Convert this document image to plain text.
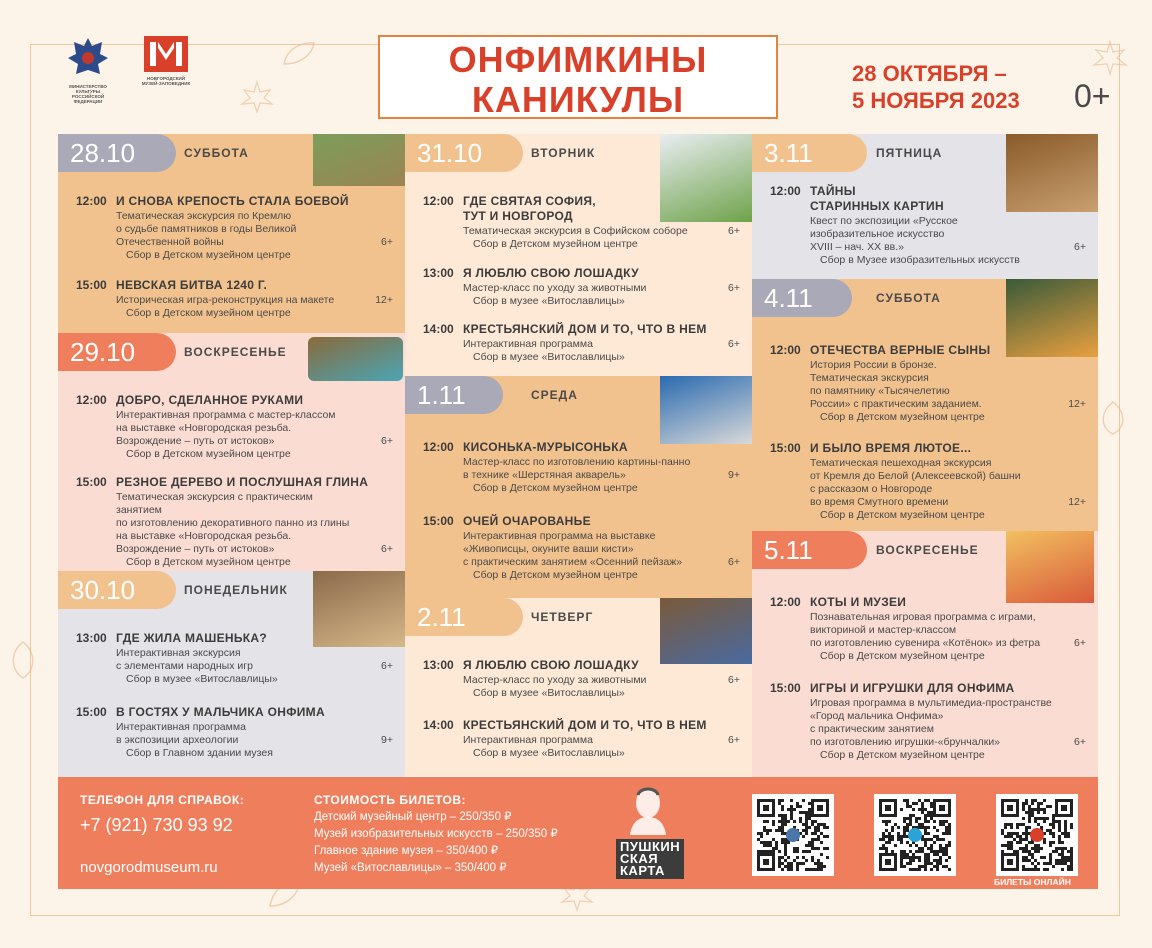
МИНИСТЕРСТВО КУЛЬТУРЫ РОССИЙСКОЙ ФЕДЕРАЦИИ
НОВГОРОДСКИЙ МУЗЕЙ-ЗАПОВЕДНИК
ОНФИМКИНЫ
КАНИКУЛЫ
28 ОКТЯБРЯ –
5 НОЯБРЯ 2023 0+
28.10	СУББОТА
12:00 И СНОВА КРЕПОСТЬ СТАЛА БОЕВОЙ
Тематическая экскурсия по Кремлю
о судьбе памятников в годы Великой
Отечественной войны
Сбор в Детском музейном центре
6+
15:00 НЕВСКАЯ БИТВА 1240 Г.
Историческая игра-реконструкция на макете
Сбор в Детском музейном центре
12+
29.10	ВОСКРЕСЕНЬЕ
12:00 ДОБРО, СДЕЛАННОЕ РУКАМИ
Интерактивная программа с мастер-классом
на выставке «Новгородская резьба.
Возрождение – путь от истоков»
Сбор в Детском музейном центре
6+
15:00 РЕЗНОЕ ДЕРЕВО И ПОСЛУШНАЯ ГЛИНА
Тематическая экскурсия с практическим занятием
по изготовлению декоративного панно из глины
на выставке «Новгородская резьба.
Возрождение – путь от истоков»
Сбор в Детском музейном центре
6+
30.10	ПОНЕДЕЛЬНИК
13:00 ГДЕ ЖИЛА МАШЕНЬКА?
Интерактивная экскурсия
с элементами народных игр
Сбор в музее «Витославлицы»
6+
15:00 В ГОСТЯХ У МАЛЬЧИКА ОНФИМА
Интерактивная программа
в экспозиции археологии
Сбор в Главном здании музея
9+
31.10	ВТОРНИК
12:00 ГДЕ СВЯТАЯ СОФИЯ,
ТУТ И НОВГОРОД
Тематическая экскурсия в Софийском соборе
Сбор в Детском музейном центре
6+
13:00 Я ЛЮБЛЮ СВОЮ ЛОШАДКУ
Мастер-класс по уходу за животными
Сбор в музее «Витославлицы»
6+
14:00 КРЕСТЬЯНСКИЙ ДОМ И ТО, ЧТО В НЕМ
Интерактивная программа
Сбор в музее «Витославлицы»
6+
1.11	СРЕДА
12:00 КИСОНЬКА-МУРЫСОНЬКА
Мастер-класс по изготовлению картины-панно
в технике «Шерстяная акварель»
Сбор в Детском музейном центре
9+
15:00 ОЧЕЙ ОЧАРОВАНЬЕ
Интерактивная программа на выставке
«Живописцы, окуните ваши кисти»
с практическим занятием «Осенний пейзаж»
Сбор в Детском музейном центре
6+
2.11	ЧЕТВЕРГ
13:00 Я ЛЮБЛЮ СВОЮ ЛОШАДКУ
Мастер-класс по уходу за животными
Сбор в музее «Витославлицы»
6+
14:00 КРЕСТЬЯНСКИЙ ДОМ И ТО, ЧТО В НЕМ
Интерактивная программа
Сбор в музее «Витославлицы»
6+
3.11	ПЯТНИЦА
12:00 ТАЙНЫ
СТАРИННЫХ КАРТИН
Квест по экспозиции «Русское
изобразительное искусство
XVIII – нач. XX вв.»
Сбор в Музее изобразительных искусств
6+
4.11	СУББОТА
12:00 ОТЕЧЕСТВА ВЕРНЫЕ СЫНЫ
История России в бронзе.
Тематическая экскурсия
по памятнику «Тысячелетию
России» с практическим заданием.
Сбор в Детском музейном центре
12+
15:00 И БЫЛО ВРЕМЯ ЛЮТОЕ...
Тематическая пешеходная экскурсия
от Кремля до Белой (Алексеевской) башни
с рассказом о Новгороде
во время Смутного времени
Сбор в Детском музейном центре
12+
5.11	ВОСКРЕСЕНЬЕ
12:00 КОТЫ И МУЗЕИ
Познавательная игровая программа с играми,
викториной и мастер-классом
по изготовлению сувенира «Котёнок» из фетра
Сбор в Детском музейном центре
6+
15:00 ИГРЫ И ИГРУШКИ ДЛЯ ОНФИМА
Игровая программа в мультимедиа-пространстве
«Город мальчика Онфима»
с практическим занятием
по изготовлению игрушки-«брунчалки»
Сбор в Детском музейном центре
6+
ТЕЛЕФОН ДЛЯ СПРАВОК:
+7 (921) 730 93 92
novgorodmuseum.ru
СТОИМОСТЬ БИЛЕТОВ:
Детский музейный центр – 250/350 ₽
Музей изобразительных искусств – 250/350 ₽
Главное здание музея – 350/400 ₽
Музей «Витославлицы» – 350/400 ₽
ПУШКИН
СКАЯ
КАРТА
БИЛЕТЫ ОНЛАЙН
